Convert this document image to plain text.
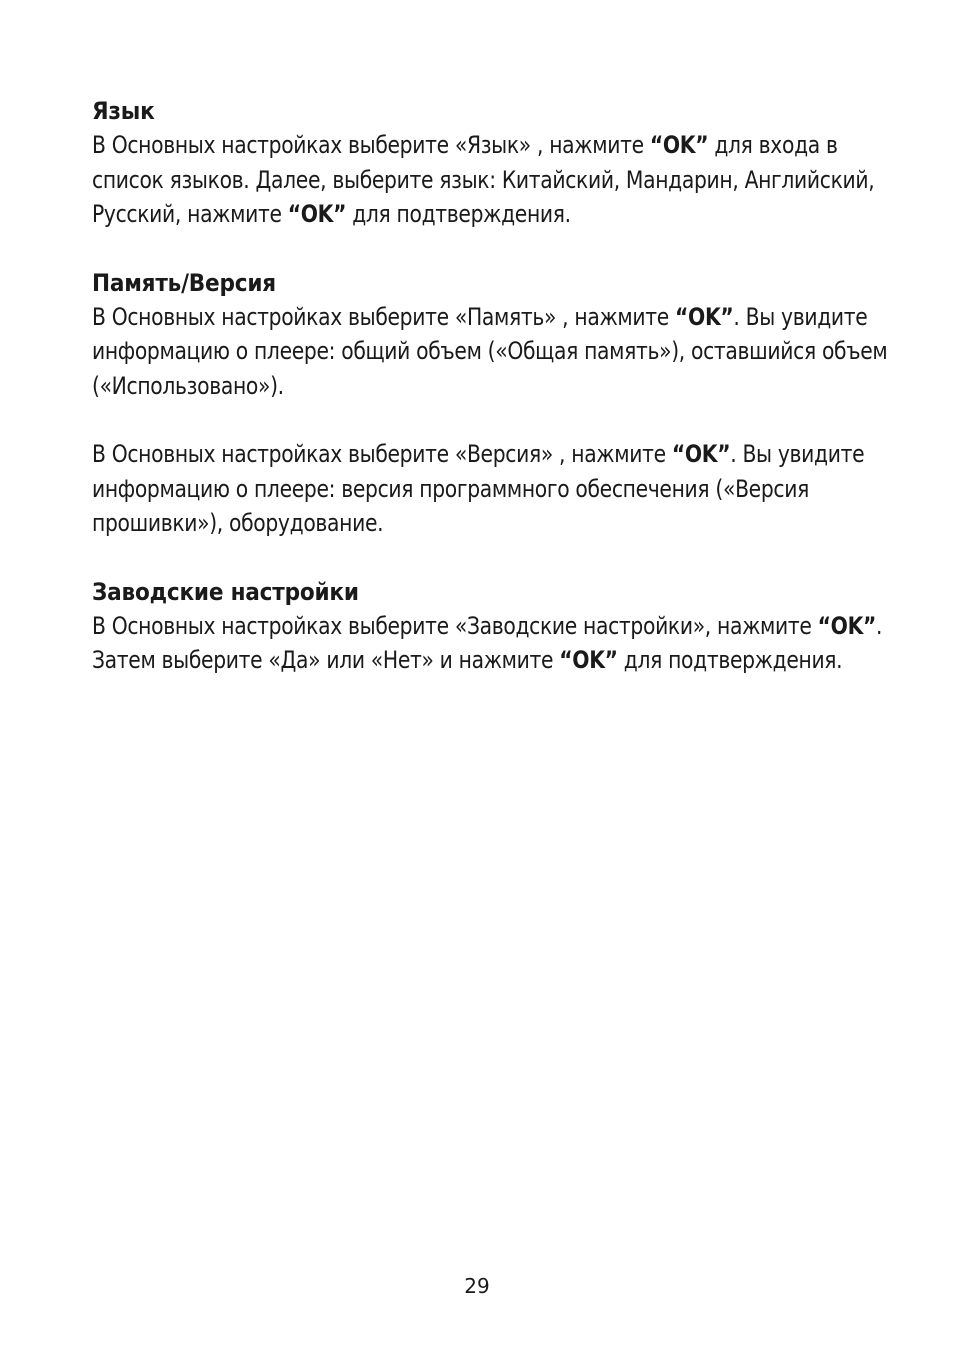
Язык

В Основных настройках выберите «Язык» , нажмите “OK” для входа в список языков. Далее, выберите язык: Китайский, Мандарин, Английский, Русский, нажмите “OK” для подтверждения.

Память/Версия

В Основных настройках выберите «Память» , нажмите “OK”. Вы увидите информацию о плеере: общий объем («Общая память»), оставшийся объем («Использовано»).

В Основных настройках выберите «Версия» , нажмите “OK”. Вы увидите информацию о плеере: версия программного обеспечения («Версия прошивки»), оборудование.

Заводские настройки

В Основных настройках выберите «Заводские настройки», нажмите “OK”. Затем выберите «Да» или «Нет» и нажмите “OK” для подтверждения.

29
